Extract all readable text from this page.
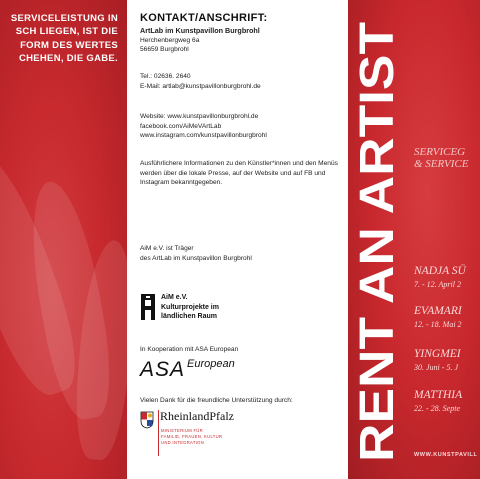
SERVICELEISTUNG IN
SCH LIEGEN, IST DIE
FORM DES WERTES
CHEHEN, DIE GABE.
KONTAKT/ANSCHRIFT:
ArtLab im Kunstpavillon Burgbrohl
Herchenbergweg 6a
56659 Burgbrohl
Tel.: 02636. 2640
E-Mail: artlab@kunstpavillonburgbrohl.de
Website: www.kunstpavillonburgbrohl.de
facebook.com/AiMeVArtLab
www.instagram.com/kunstpavillonburgbrohl
Ausführlichere Informationen zu den Künstler*innen und den Menüs werden über die lokale Presse, auf der Website und auf FB und Instagram bekanntgegeben.
AiM e.V. ist Träger
des ArtLab im Kunstpavillon Burgbrohl
AiM e.V.
Kulturprojekte im
ländlichen Raum
In Kooperation mit ASA European
ASA $^{European}$
Vielen Dank für die freundliche Unterstützung durch:
RheinlandPfalz
MINISTERIUM FÜR
FAMILIE, FRAUEN, KULTUR
UND INTEGRATION	RENT AN ARTIST SERVICEG
& SERVICE
NADJA SÜ
7. - 12. April 2
EVAMARI
12. - 18. Mai 2
YINGMEI
30. Juni - 5. J
MATTHIA
22. - 28. Septe
WWW.KUNSTPAVILL
